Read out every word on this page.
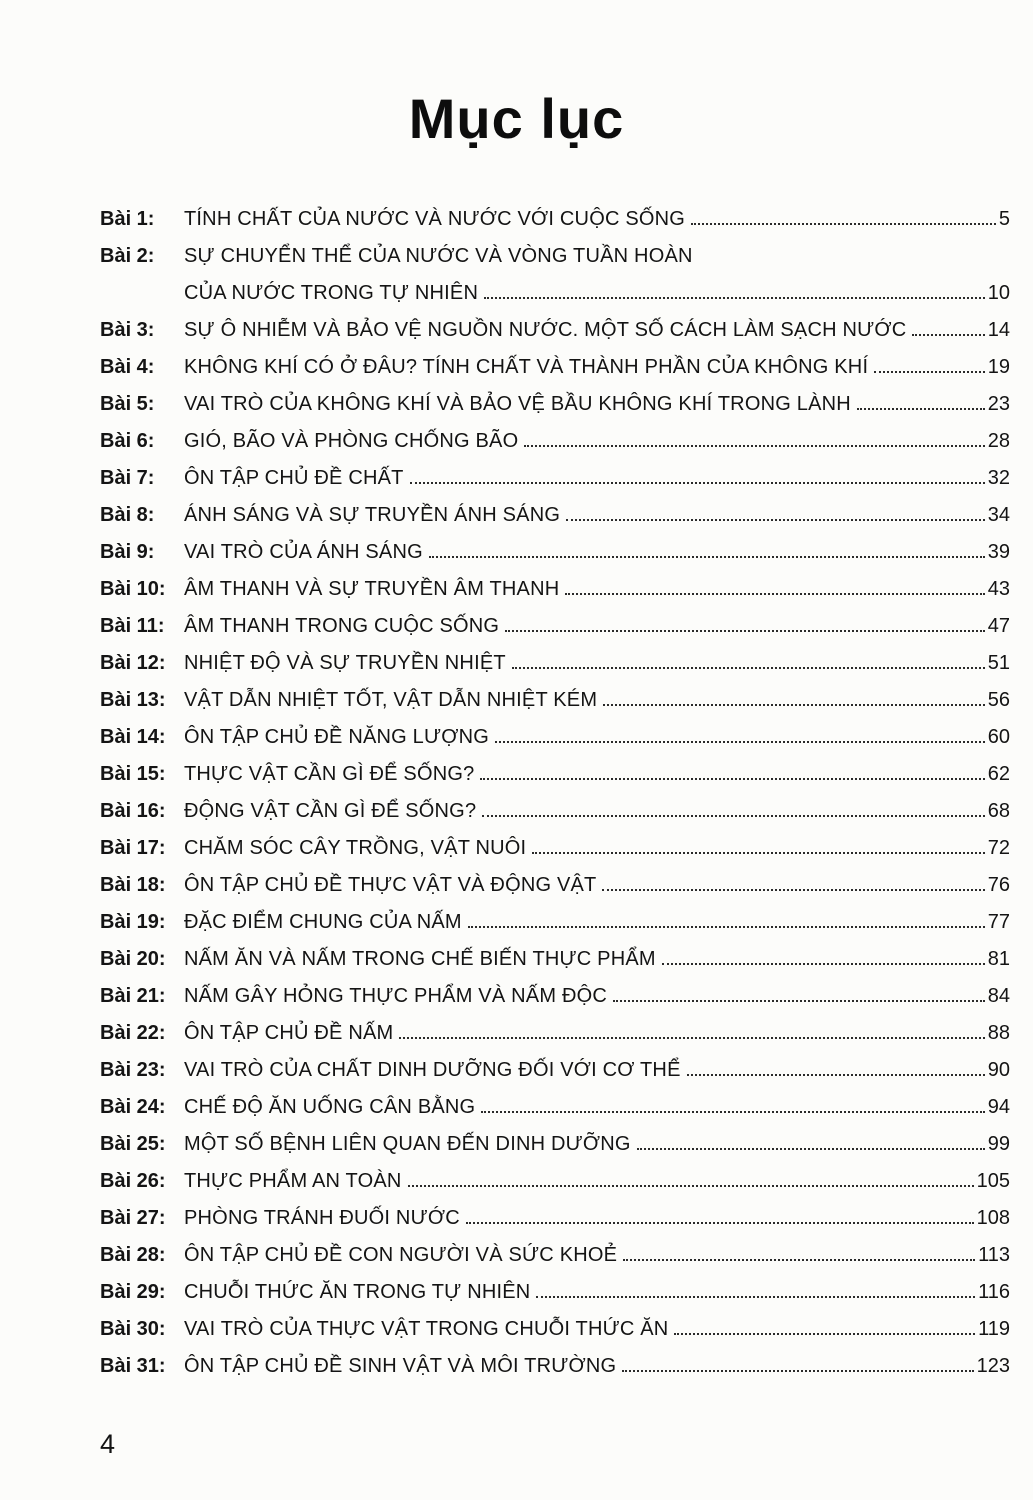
Mục lục
Bài 1:	TÍNH CHẤT CỦA NƯỚC VÀ NƯỚC VỚI CUỘC SỐNG	5
Bài 2:	SỰ CHUYỂN THỂ CỦA NƯỚC VÀ VÒNG TUẦN HOÀN
CỦA NƯỚC TRONG TỰ NHIÊN	10
Bài 3:	SỰ Ô NHIỄM VÀ BẢO VỆ NGUỒN NƯỚC. MỘT SỐ CÁCH LÀM SẠCH NƯỚC	14
Bài 4:	KHÔNG KHÍ CÓ Ở ĐÂU? TÍNH CHẤT VÀ THÀNH PHẦN CỦA KHÔNG KHÍ	19
Bài 5:	VAI TRÒ CỦA KHÔNG KHÍ VÀ BẢO VỆ BẦU KHÔNG KHÍ TRONG LÀNH	23
Bài 6:	GIÓ, BÃO VÀ PHÒNG CHỐNG BÃO	28
Bài 7:	ÔN TẬP CHỦ ĐỀ CHẤT	32
Bài 8:	ÁNH SÁNG VÀ SỰ TRUYỀN ÁNH SÁNG	34
Bài 9:	VAI TRÒ CỦA ÁNH SÁNG	39
Bài 10: ÂM THANH VÀ SỰ TRUYỀN ÂM THANH	43
Bài 11: ÂM THANH TRONG CUỘC SỐNG	47
Bài 12: NHIỆT ĐỘ VÀ SỰ TRUYỀN NHIỆT	51
Bài 13: VẬT DẪN NHIỆT TỐT, VẬT DẪN NHIỆT KÉM	56
Bài 14: ÔN TẬP CHỦ ĐỀ NĂNG LƯỢNG	60
Bài 15: THỰC VẬT CẦN GÌ ĐỂ SỐNG?	62
Bài 16: ĐỘNG VẬT CẦN GÌ ĐỂ SỐNG?	68
Bài 17: CHĂM SÓC CÂY TRỒNG, VẬT NUÔI	72
Bài 18: ÔN TẬP CHỦ ĐỀ THỰC VẬT VÀ ĐỘNG VẬT	76
Bài 19: ĐẶC ĐIỂM CHUNG CỦA NẤM	77
Bài 20: NẤM ĂN VÀ NẤM TRONG CHẾ BIẾN THỰC PHẨM	81
Bài 21: NẤM GÂY HỎNG THỰC PHẨM VÀ NẤM ĐỘC	84
Bài 22: ÔN TẬP CHỦ ĐỀ NẤM	88
Bài 23: VAI TRÒ CỦA CHẤT DINH DƯỠNG ĐỐI VỚI CƠ THỂ	90
Bài 24: CHẾ ĐỘ ĂN UỐNG CÂN BẰNG	94
Bài 25: MỘT SỐ BỆNH LIÊN QUAN ĐẾN DINH DƯỠNG	99
Bài 26: THỰC PHẨM AN TOÀN	105
Bài 27: PHÒNG TRÁNH ĐUỐI NƯỚC	108
Bài 28: ÔN TẬP CHỦ ĐỀ CON NGƯỜI VÀ SỨC KHOẺ	113
Bài 29: CHUỖI THỨC ĂN TRONG TỰ NHIÊN	116
Bài 30: VAI TRÒ CỦA THỰC VẬT TRONG CHUỖI THỨC ĂN	119
Bài 31: ÔN TẬP CHỦ ĐỀ SINH VẬT VÀ MÔI TRƯỜNG	123
4
